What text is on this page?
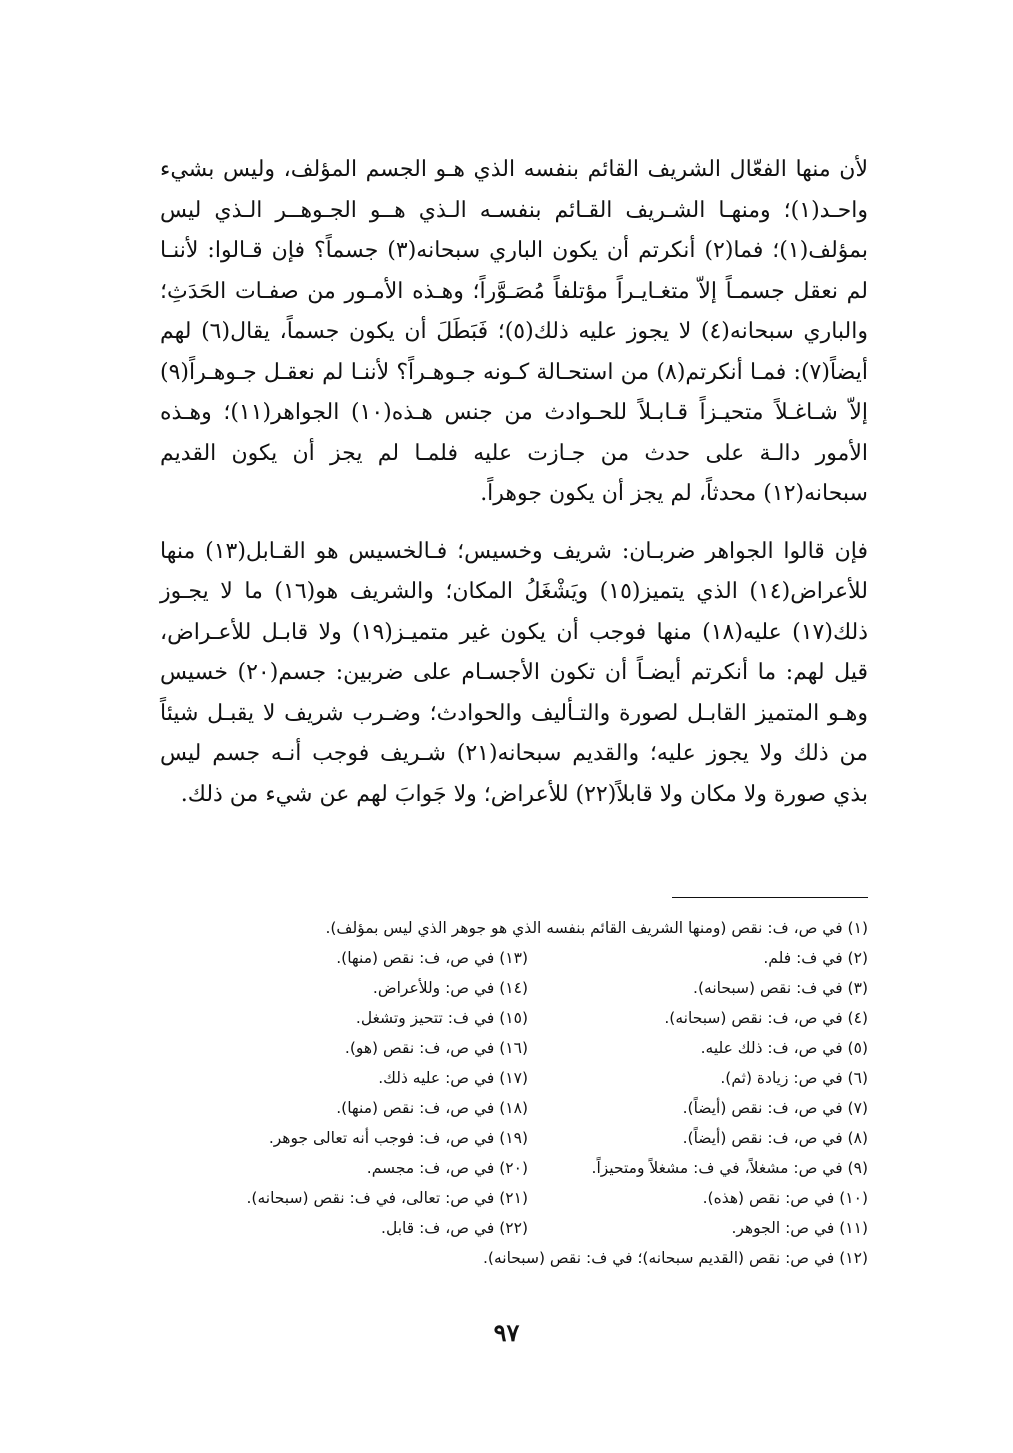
لأن منها الفعّال الشريف القائم بنفسه الذي هـو الجسم المؤلف، وليس بشيء واحـد(١)؛ ومنهـا الشـريف القـائم بنفسـه الـذي هــو الجـوهــر الـذي ليس بمؤلف(١)؛ فما(٢) أنكرتم أن يكون الباري سبحانه(٣) جسماً؟ فإن قـالوا: لأننـا لم نعقل جسمـاً إلاّ متغـايـراً مؤتلفاً مُصَـوَّراً؛ وهـذه الأمـور من صفـات الحَدَثِ؛ والباري سبحانه(٤) لا يجوز عليه ذلك(٥)؛ فَبَطَلَ أن يكون جسماً، يقال(٦) لهم أيضاً(٧): فمـا أنكرتم(٨) من استحـالة كـونه جـوهـراً؟ لأننـا لم نعقـل جـوهـراً(٩) إلاّ شـاغـلاً متحيـزاً قـابـلاً للحـوادث من جنس هـذه(١٠) الجواهر(١١)؛ وهـذه الأمور دالـة على حدث من جـازت عليه فلمـا لم يجز أن يكون القديم سبحانه(١٢) محدثاً، لم يجز أن يكون جوهراً.

فإن قالوا الجواهر ضربـان: شريف وخسيس؛ فـالخسيس هو القـابل(١٣) منها للأعراض(١٤) الذي يتميز(١٥) ويَشْغَلُ المكان؛ والشريف هو(١٦) ما لا يجـوز ذلك(١٧) عليه(١٨) منها فوجب أن يكون غير متميـز(١٩) ولا قابـل للأعـراض، قيل لهم: ما أنكرتم أيضـاً أن تكون الأجسـام على ضربين: جسم(٢٠) خسيس وهـو المتميز القابـل لصورة والتـأليف والحوادث؛ وضـرب شريف لا يقبـل شيئاً من ذلك ولا يجوز عليه؛ والقديم سبحانه(٢١) شـريف فوجب أنـه جسم ليس بذي صورة ولا مكان ولا قابلاً(٢٢) للأعراض؛ ولا جَوابَ لهم عن شيء من ذلك.

(١) في ص، ف: نقص (ومنها الشريف القائم بنفسه الذي هو جوهر الذي ليس بمؤلف).
(٢) في ف: فلم.
(٣) في ف: نقص (سبحانه).
(٤) في ص، ف: نقص (سبحانه).
(٥) في ص، ف: ذلك عليه.
(٦) في ص: زيادة (ثم).
(٧) في ص، ف: نقص (أيضاً).
(٨) في ص، ف: نقص (أيضاً).
(٩) في ص: مشغلاً، في ف: مشغلاً ومتحيزاً.
(١٠) في ص: نقص (هذه).
(١١) في ص: الجوهر.
(١٣) في ص، ف: نقص (منها).
(١٤) في ص: وللأعراض.
(١٥) في ف: تتحيز وتشغل.
(١٦) في ص، ف: نقص (هو).
(١٧) في ص: عليه ذلك.
(١٨) في ص، ف: نقص (منها).
(١٩) في ص، ف: فوجب أنه تعالى جوهر.
(٢٠) في ص، ف: مجسم.
(٢١) في ص: تعالى، في ف: نقص (سبحانه).
(٢٢) في ص، ف: قابل.
(١٢) في ص: نقص (القديم سبحانه)؛ في ف: نقص (سبحانه).
٩٧
